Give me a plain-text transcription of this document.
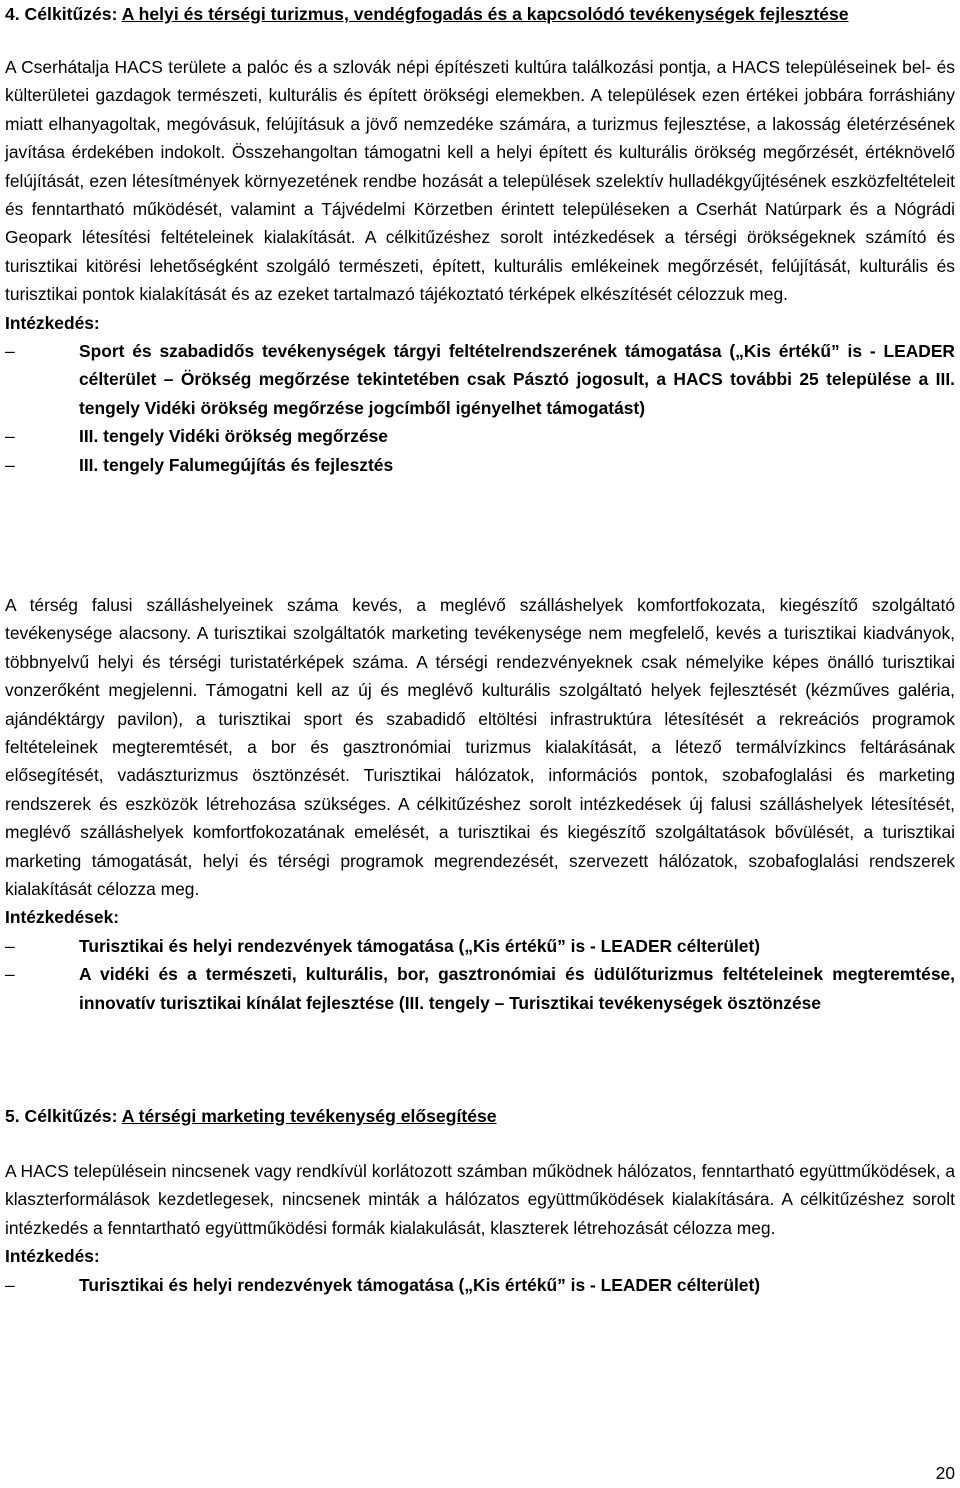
4. Célkitűzés: A helyi és térségi turizmus, vendégfogadás és a kapcsolódó tevékenységek fejlesztése

A Cserhátalja HACS területe a palóc és a szlovák népi építészeti kultúra találkozási pontja, a HACS településeinek bel- és külterületei gazdagok természeti, kulturális és épített örökségi elemekben. A települések ezen értékei jobbára forráshiány miatt elhanyagoltak, megóvásuk, felújításuk a jövő nemzedéke számára, a turizmus fejlesztése, a lakosság életérzésének javítása érdekében indokolt. Összehangoltan támogatni kell a helyi épített és kulturális örökség megőrzését, értéknövelő felújítását, ezen létesítmények környezetének rendbe hozását a települések szelektív hulladékgyűjtésének eszközfeltételeit és fenntartható működését, valamint a Tájvédelmi Körzetben érintett településeken a Cserhát Natúrpark és a Nógrádi Geopark létesítési feltételeinek kialakítását. A célkitűzéshez sorolt intézkedések a térségi örökségeknek számító és turisztikai kitörési lehetőségként szolgáló természeti, épített, kulturális emlékeinek megőrzését, felújítását, kulturális és turisztikai pontok kialakítását és az ezeket tartalmazó tájékoztató térképek elkészítését célozzuk meg.

Intézkedés:
–	Sport és szabadidős tevékenységek tárgyi feltételrendszerének támogatása („Kis értékű” is - LEADER célterület – Örökség megőrzése tekintetében csak Pásztó jogosult, a HACS további 25 települése a III. tengely Vidéki örökség megőrzése jogcímből igényelhet támogatást)
–	III. tengely Vidéki örökség megőrzése
–	III. tengely Falumegújítás és fejlesztés

A térség falusi szálláshelyeinek száma kevés, a meglévő szálláshelyek komfortfokozata, kiegészítő szolgáltató tevékenysége alacsony. A turisztikai szolgáltatók marketing tevékenysége nem megfelelő, kevés a turisztikai kiadványok, többnyelvű helyi és térségi turistatérképek száma. A térségi rendezvényeknek csak némelyike képes önálló turisztikai vonzerőként megjelenni. Támogatni kell az új és meglévő kulturális szolgáltató helyek fejlesztését (kézműves galéria, ajándéktárgy pavilon), a turisztikai sport és szabadidő eltöltési infrastruktúra létesítését a rekreációs programok feltételeinek megteremtését, a bor és gasztronómiai turizmus kialakítását, a létező termálvízkincs feltárásának elősegítését, vadászturizmus ösztönzését. Turisztikai hálózatok, információs pontok, szobafoglalási és marketing rendszerek és eszközök létrehozása szükséges. A célkitűzéshez sorolt intézkedések új falusi szálláshelyek létesítését, meglévő szálláshelyek komfortfokozatának emelését, a turisztikai és kiegészítő szolgáltatások bővülését, a turisztikai marketing támogatását, helyi és térségi programok megrendezését, szervezett hálózatok, szobafoglalási rendszerek kialakítását célozza meg.

Intézkedések:
–	Turisztikai és helyi rendezvények támogatása („Kis értékű” is - LEADER célterület)
–	A vidéki és a természeti, kulturális, bor, gasztronómiai és üdülőturizmus feltételeinek megteremtése, innovatív turisztikai kínálat fejlesztése (III. tengely – Turisztikai tevékenységek ösztönzése
5. Célkitűzés: A térségi marketing tevékenység elősegítése

A HACS településein nincsenek vagy rendkívül korlátozott számban működnek hálózatos, fenntartható együttműködések, a klaszterformálások kezdetlegesek, nincsenek minták a hálózatos együttműködések kialakítására. A célkitűzéshez sorolt intézkedés a fenntartható együttműködési formák kialakulását, klaszterek létrehozását célozza meg.

Intézkedés:
–	Turisztikai és helyi rendezvények támogatása („Kis értékű” is - LEADER célterület)
20
